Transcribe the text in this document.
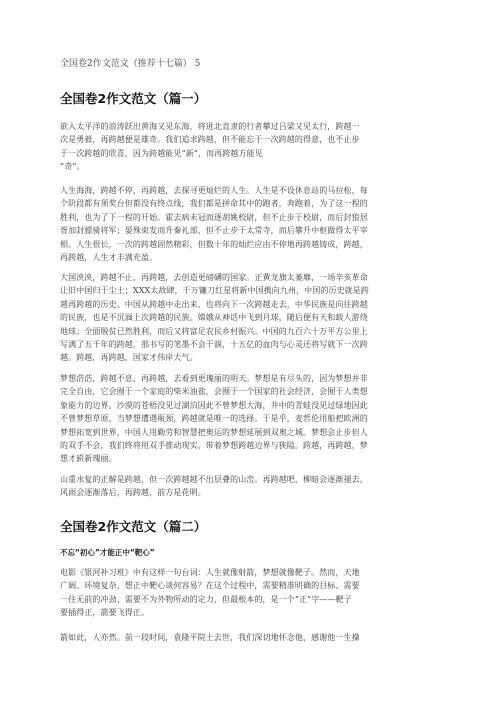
全国卷2作文范文（推荐十七篇） 5
全国卷2作文范文（篇一）
欲入太平洋的浪涛跃出黄海又见东海，将进北直隶的行者攀过吕梁又见太行，跨越一
次是勇毅，再跨越便是雄奇。我们追求跨越，但不能忘于一次跨越的得意，也不止步
于一次跨越的欣喜，因为跨越能见“新”，而再跨越方能见
“奇”。
人生海海，跨越不停，再跨越，去探寻更灿烂的人生。人生是不设休息站的马拉松，每
个阶段都有须奖台但都没有终点线，我们都是拼命其中的跑者，奔跑着，为了这一程的
胜利，也为了下一程的开始。霍去病未冠而逐胡姚校尉，但不止步于校尉，而后封狼居
胥加封骠骑将军；晏殊束发而升秦礼部，但不止步于太常寺，而后攀升中枢做得太平宰
相。人生很长，一次的跨越固然精彩，但数十年的灿烂应由不停地再跨越铸成，跨越，
再跨越，人生才丰满充盈。
大国泱泱，跨越不止，再跨越，去创造更磅礴的国家。正黄龙旗太萎靡，一场辛亥革命
让旧中国归于尘土；XXX太敌肆，千万镰刀红星将新中国携向九州，中国的历史就是跨
越再跨越的历史。中国从跨越中走出来，也将向下一次跨越走去，中华民族是向往跨越
的民族，也是不沉湎上次跨越的民族。嫦娥从神话中飞到月球，随后便有天和载人游绕
地球；全面脱贫已然胜利，而后又将富足农民乡村振兴。中国的九百六十万平方公里上
写满了五千年的跨越，那书写的笔墨不会干涸，十五亿的血肉与心灵还将写就下一次跨
越。跨越，再跨越，国家才伟岸大气。
梦想浩浩，跨越不息，再跨越，去看到更瑰丽的明天。梦想是有尽头的，因为梦想并非
完全自由，它会囿于一个家庭的柴米油盐，会囿于一个国家的社会经济，会囿于人类想
象能力的边界。沙漠的苍梧没见过湖泊因此不曾梦想大海，井中的青蛙没见过绿地因此
不曾梦想草原，当梦想遭遇瓶颈，跨越就是唯一的选择。于是乎，麦哲伦用船把欧洲的
梦想拓宽到世界，中国人用勤劳和智慧把奥运的梦想延展到双奥之城。梦想会止步但人
的双手不会，我们终将用双手推动现实，带着梦想跨越边界与狭隘。跨越，再跨越，梦
想才崭新瑰丽。
山重水复的正解是跨越，但一次跨越越不出层叠的山峦。再跨越吧，柳暗会逐渐褪去，
风雨会逐渐落后，再跨越，前方是花明。
全国卷2作文范文（篇二）
不忘“初心”才能正中“靶心”
电影《银河补习班》中有这样一句台词：人生就像射箭，梦想就像靶子。然而，天地
广阔、环境复杂，想正中靶心谈何容易？在这个过程中，需要精准明确的目标、需要
一往无前的冲劲、需要不为外物所动的定力，但最根本的，是一个“正”字——靶子
要插得正，箭要飞得正。
箭如此，人亦然。前一段时间，袁隆平院士去世，我们深切地怀念他，感谢他一生操
